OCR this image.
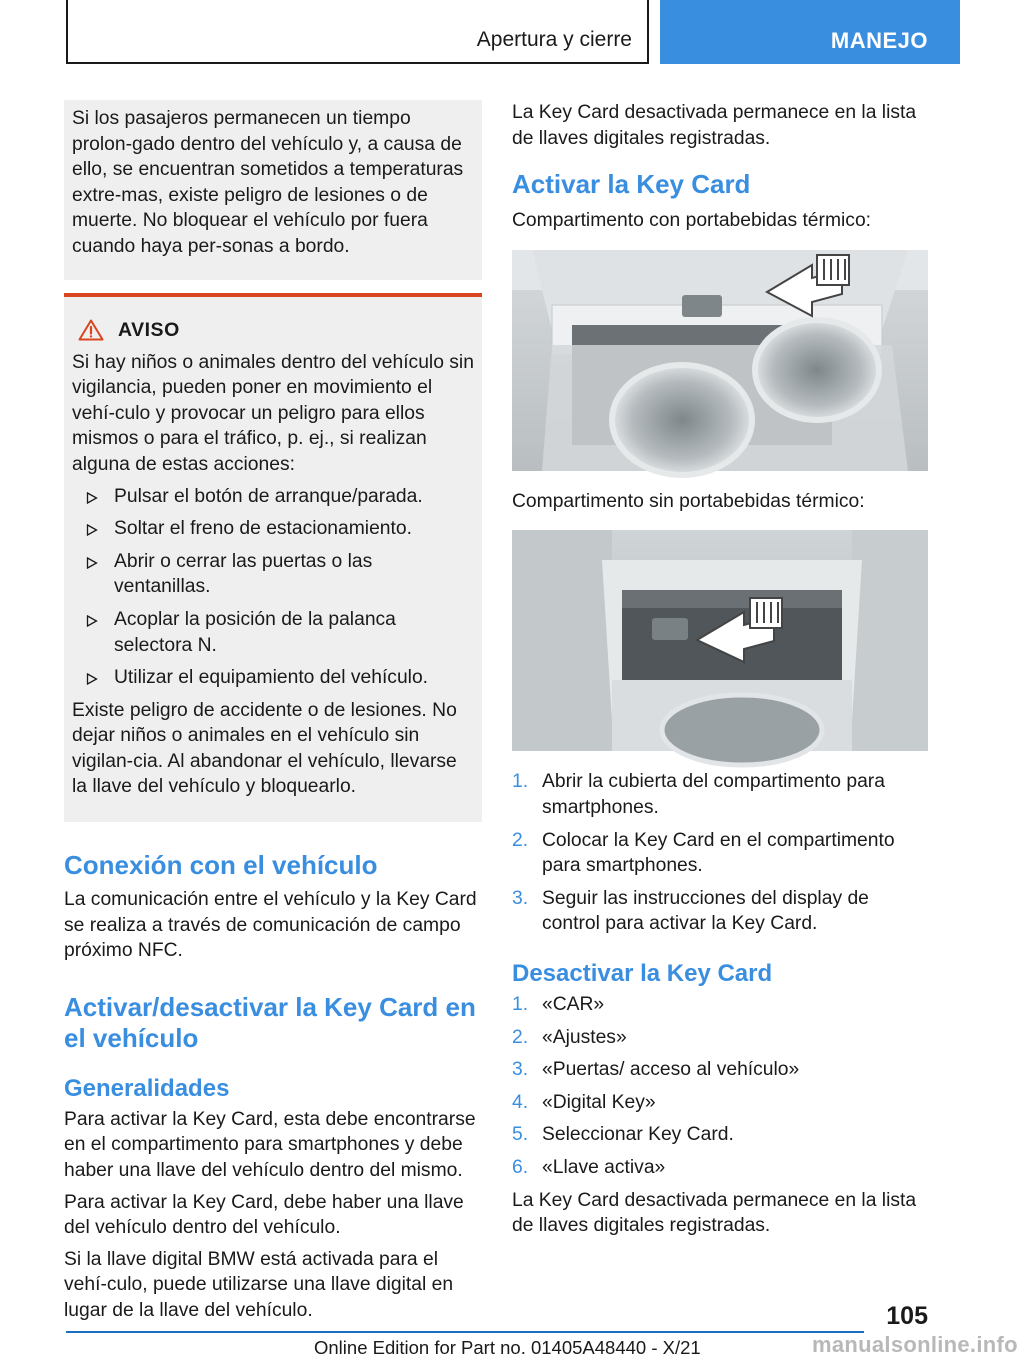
Apertura y cierre	MANEJO

Si los pasajeros permanecen un tiempo prolon-gado dentro del vehículo y, a causa de ello, se encuentran sometidos a temperaturas extre-mas, existe peligro de lesiones o de muerte. No bloquear el vehículo por fuera cuando haya per-sonas a bordo.

AVISO

Si hay niños o animales dentro del vehículo sin vigilancia, pueden poner en movimiento el vehí-culo y provocar un peligro para ellos mismos o para el tráfico, p. ej., si realizan alguna de estas acciones:

Pulsar el botón de arranque/parada.
Soltar el freno de estacionamiento.
Abrir o cerrar las puertas o las ventanillas.
Acoplar la posición de la palanca selectora N.
Utilizar el equipamiento del vehículo.

Existe peligro de accidente o de lesiones. No dejar niños o animales en el vehículo sin vigilan-cia. Al abandonar el vehículo, llevarse la llave del vehículo y bloquearlo.

Conexión con el vehículo

La comunicación entre el vehículo y la Key Card se realiza a través de comunicación de campo próximo NFC.

Activar/desactivar la Key Card en el vehículo
Generalidades

Para activar la Key Card, esta debe encontrarse en el compartimento para smartphones y debe haber una llave del vehículo dentro del mismo.

Para activar la Key Card, debe haber una llave del vehículo dentro del vehículo.

Si la llave digital BMW está activada para el vehí-culo, puede utilizarse una llave digital en lugar de la llave del vehículo.

La Key Card desactivada permanece en la lista de llaves digitales registradas.

Activar la Key Card

Compartimento con portabebidas térmico:

Compartimento sin portabebidas térmico:

1. Abrir la cubierta del compartimento para smartphones.
2. Colocar la Key Card en el compartimento para smartphones.
3. Seguir las instrucciones del display de control para activar la Key Card.
Desactivar la Key Card
1. «CAR»
2. «Ajustes»
3. «Puertas/ acceso al vehículo»
4. «Digital Key»
5. Seleccionar Key Card.
6. «Llave activa»

La Key Card desactivada permanece en la lista de llaves digitales registradas.

105
Online Edition for Part no. 01405A48440 - X/21	manualsonline.info
